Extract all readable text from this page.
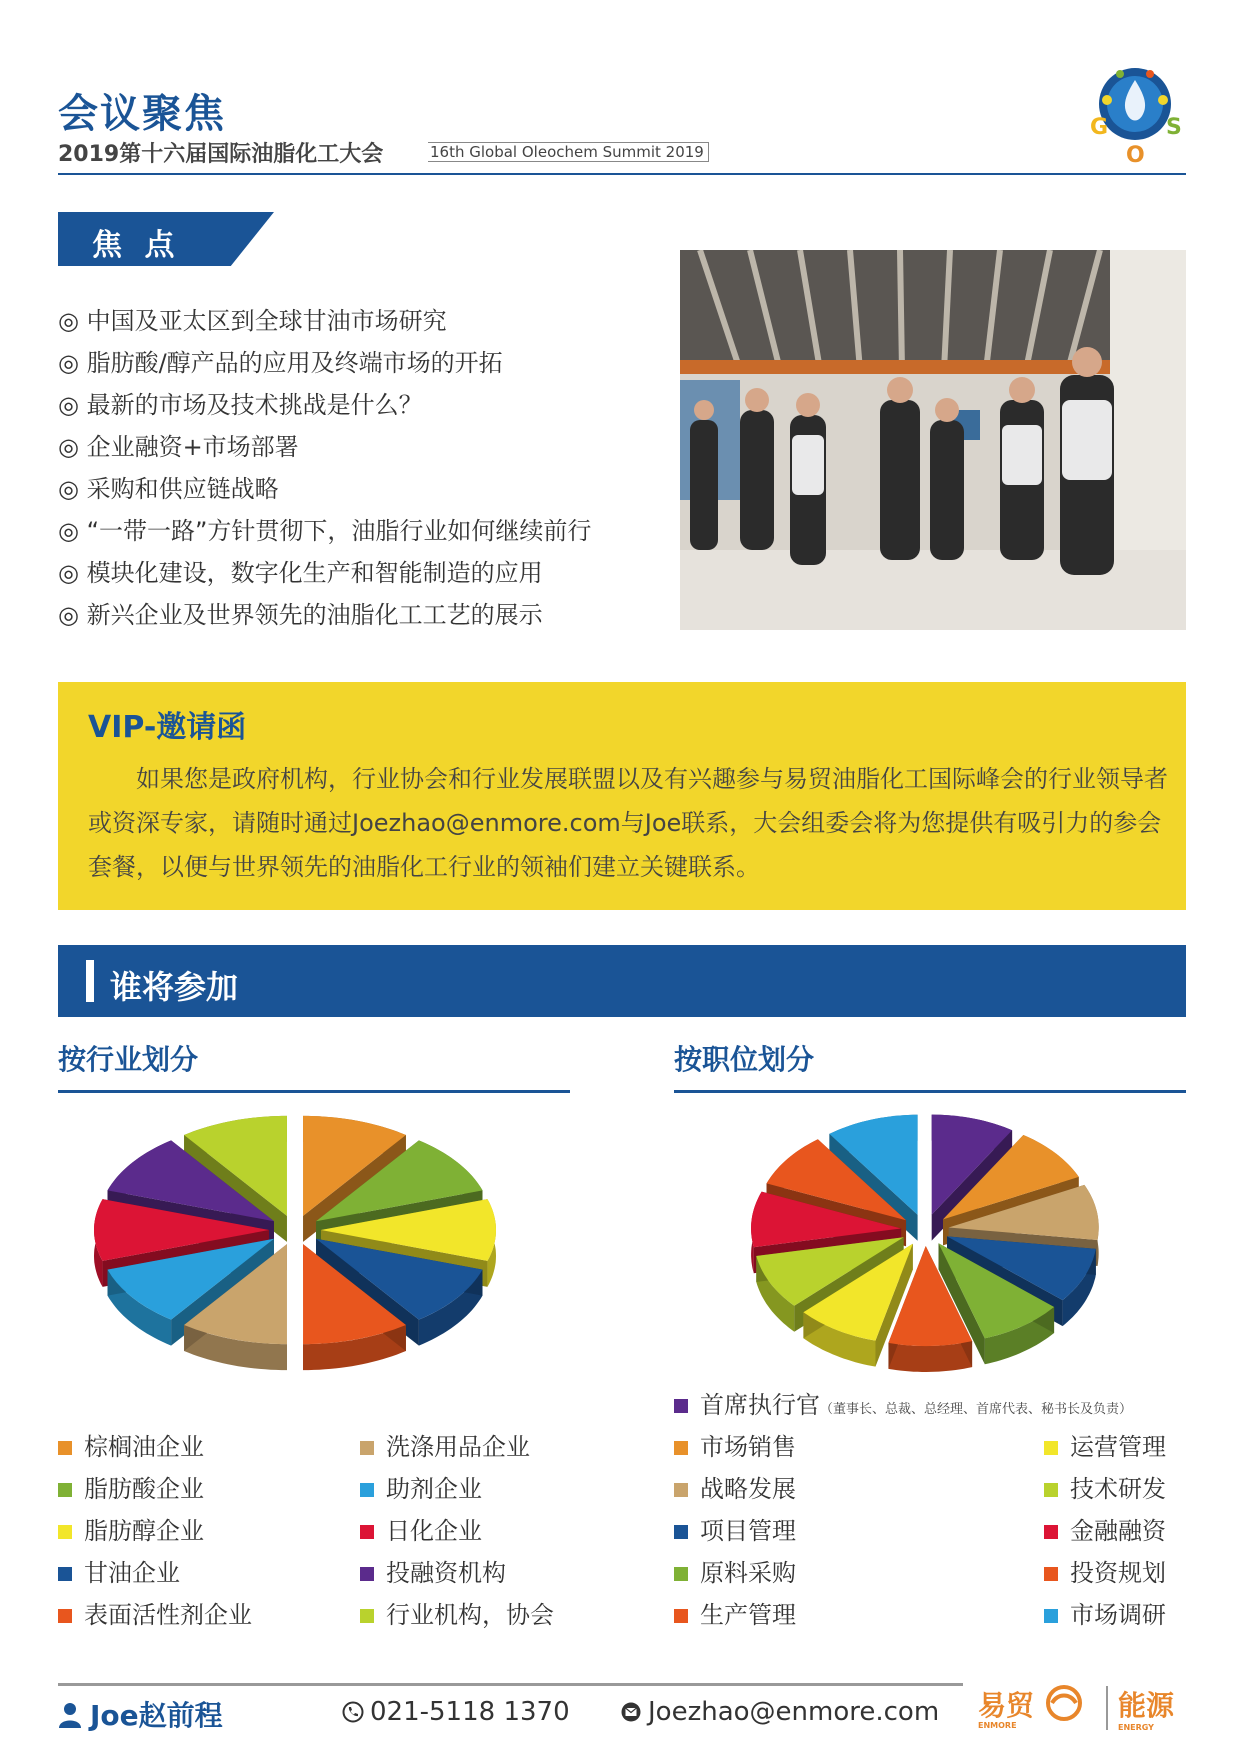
会议聚焦
2019第十六届国际油脂化工大会	16th Global Oleochem Summit 2019
G	S
O
焦 点
◎ 中国及亚太区到全球甘油市场研究
◎ 脂肪酸/醇产品的应用及终端市场的开拓
◎ 最新的市场及技术挑战是什么？
◎ 企业融资+市场部署
◎ 采购和供应链战略
◎ “一带一路”方针贯彻下，油脂行业如何继续前行
◎ 模块化建设，数字化生产和智能制造的应用
◎ 新兴企业及世界领先的油脂化工工艺的展示
VIP-邀请函
如果您是政府机构，行业协会和行业发展联盟以及有兴趣参与易贸油脂化工国际峰会的行业领导者或资深专家，请随时通过Joezhao@enmore.com与Joe联系，大会组委会将为您提供有吸引力的参会套餐，以便与世界领先的油脂化工行业的领袖们建立关键联系。
谁将参加
按行业划分	按职位划分
棕榈油企业
脂肪酸企业
脂肪醇企业
甘油企业
表面活性剂企业
洗涤用品企业
助剂企业
日化企业
投融资机构
行业机构，协会
首席执行官（董事长、总裁、总经理、首席代表、秘书长及负责）
市场销售
战略发展
项目管理
原料采购
生产管理
运营管理
技术研发
金融融资
投资规划
市场调研
Joe赵前程	021-5118 1370	Joezhao@enmore.com 易贸
ENMORE
能源
ENERGY
